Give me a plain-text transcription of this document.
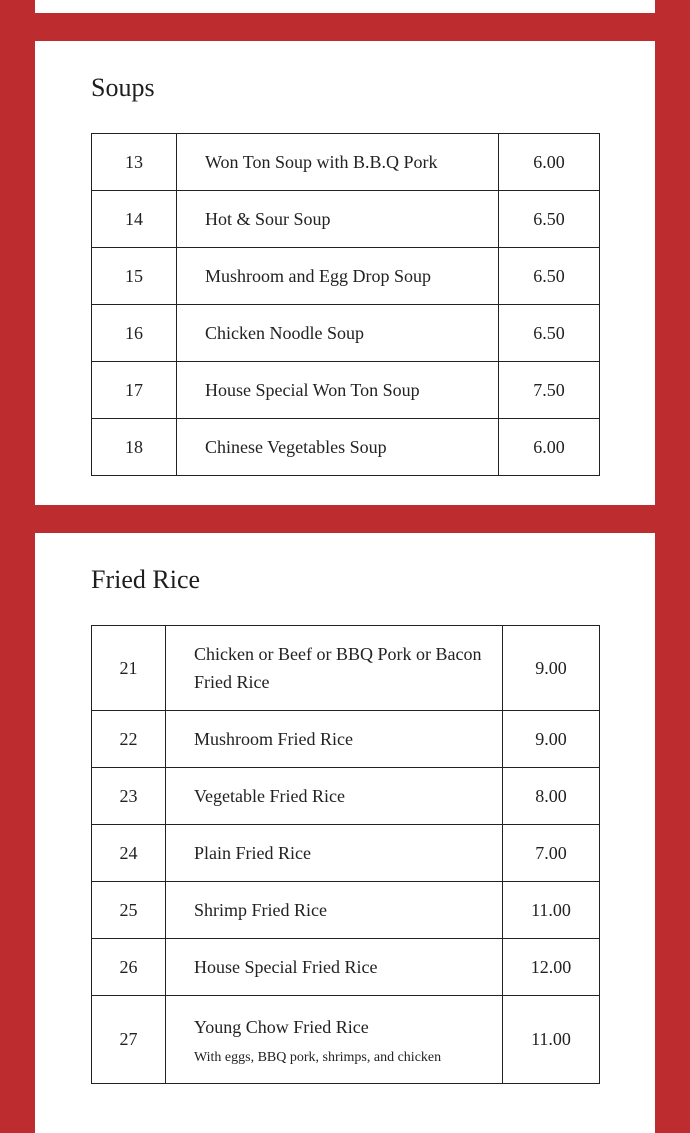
Soups
13	Won Ton Soup with B.B.Q Pork	6.00
14	Hot & Sour Soup	6.50
15	Mushroom and Egg Drop Soup	6.50
16	Chicken Noodle Soup	6.50
17	House Special Won Ton Soup	7.50
18	Chinese Vegetables Soup	6.00
Fried Rice
21	Chicken or Beef or BBQ Pork or Bacon
Fried Rice	9.00
22	Mushroom Fried Rice	9.00
23	Vegetable Fried Rice	8.00
24	Plain Fried Rice	7.00
25	Shrimp Fried Rice	11.00
26	House Special Fried Rice	12.00
27	Young Chow Fried Rice
With eggs, BBQ pork, shrimps, and chicken	11.00
